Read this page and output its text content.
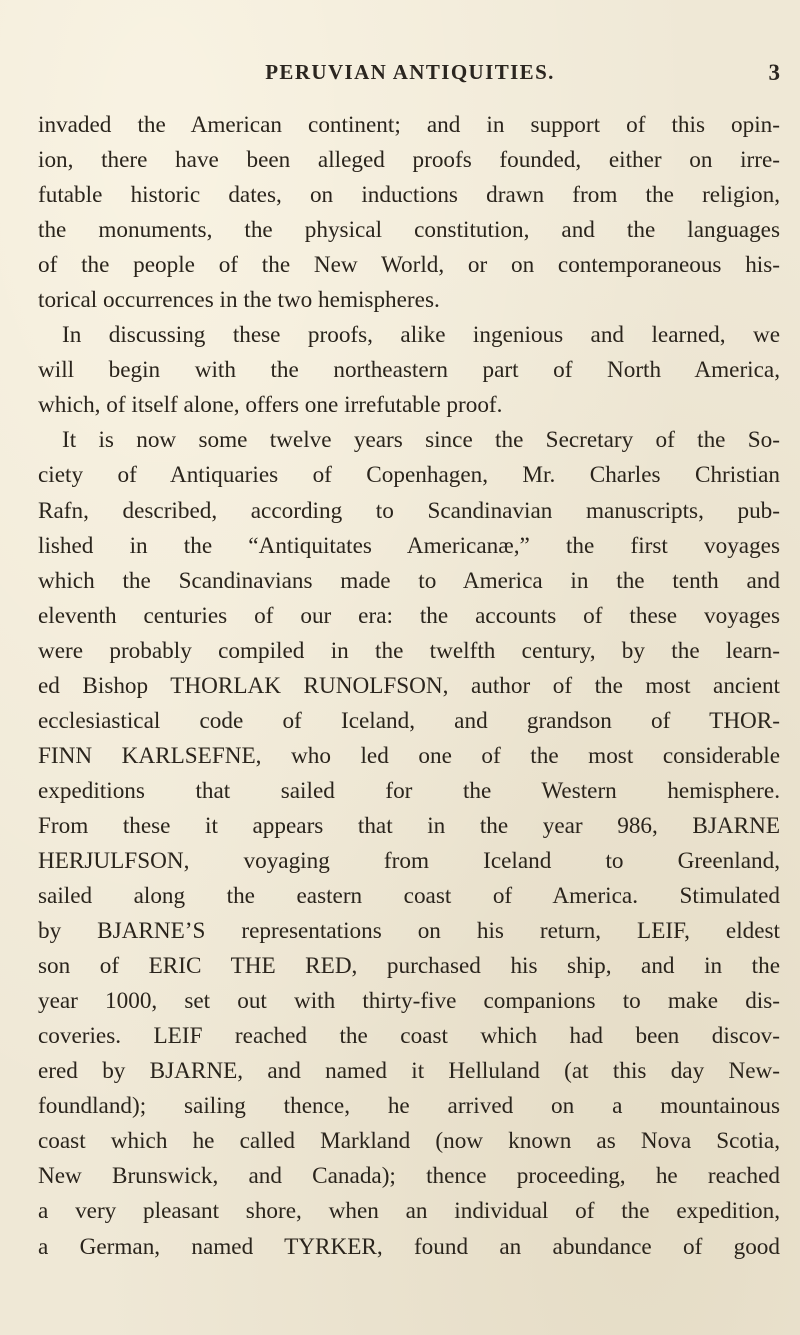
PERUVIAN ANTIQUITIES.	3
invaded the American continent; and in support of this opin-
ion, there have been alleged proofs founded, either on irre-
futable historic dates, on inductions drawn from the religion,
the monuments, the physical constitution, and the languages
of the people of the New World, or on contemporaneous his-
torical occurrences in the two hemispheres.
In discussing these proofs, alike ingenious and learned, we
will begin with the northeastern part of North America,
which, of itself alone, offers one irrefutable proof.
It is now some twelve years since the Secretary of the So-
ciety of Antiquaries of Copenhagen, Mr. Charles Christian
Rafn, described, according to Scandinavian manuscripts, pub-
lished in the “Antiquitates Americanæ,” the first voyages
which the Scandinavians made to America in the tenth and
eleventh centuries of our era: the accounts of these voyages
were probably compiled in the twelfth century, by the learn-
ed Bishop THORLAK RUNOLFSON, author of the most ancient
ecclesiastical code of Iceland, and grandson of THOR-
FINN KARLSEFNE, who led one of the most considerable
expeditions that sailed for the Western hemisphere.
From these it appears that in the year 986, BJARNE
HERJULFSON, voyaging from Iceland to Greenland,
sailed along the eastern coast of America. Stimulated
by BJARNE’S representations on his return, LEIF, eldest
son of ERIC THE RED, purchased his ship, and in the
year 1000, set out with thirty-five companions to make dis-
coveries. LEIF reached the coast which had been discov-
ered by BJARNE, and named it Helluland (at this day New-
foundland); sailing thence, he arrived on a mountainous
coast which he called Markland (now known as Nova Scotia,
New Brunswick, and Canada); thence proceeding, he reached
a very pleasant shore, when an individual of the expedition,
a German, named TYRKER, found an abundance of good
